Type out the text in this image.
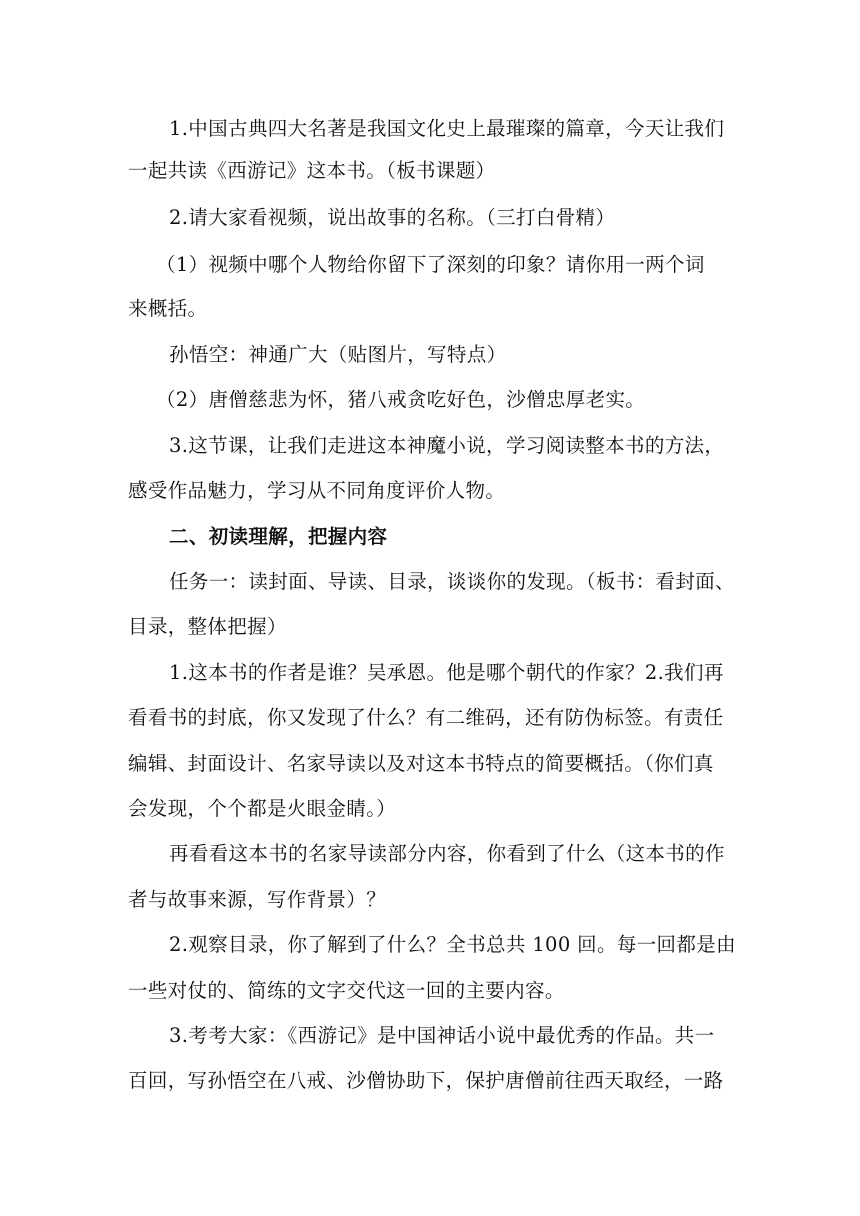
1.中国古典四大名著是我国文化史上最璀璨的篇章，今天让我们
一起共读《西游记》这本书。（板书课题）
2.请大家看视频，说出故事的名称。（三打白骨精）
（1）视频中哪个人物给你留下了深刻的印象？请你用一两个词
来概括。
孙悟空：神通广大（贴图片，写特点）
（2）唐僧慈悲为怀，猪八戒贪吃好色，沙僧忠厚老实。
3.这节课，让我们走进这本神魔小说，学习阅读整本书的方法，
感受作品魅力，学习从不同角度评价人物。
二、初读理解，把握内容
任务一：读封面、导读、目录，谈谈你的发现。（板书：看封面、
目录，整体把握）
1.这本书的作者是谁？吴承恩。他是哪个朝代的作家？2.我们再
看看书的封底，你又发现了什么？有二维码，还有防伪标签。有责任
编辑、封面设计、名家导读以及对这本书特点的简要概括。（你们真
会发现，个个都是火眼金睛。）
再看看这本书的名家导读部分内容，你看到了什么（这本书的作
者与故事来源，写作背景）？
2.观察目录，你了解到了什么？全书总共 100 回。每一回都是由
一些对仗的、简练的文字交代这一回的主要内容。
3.考考大家：《西游记》是中国神话小说中最优秀的作品。共一
百回，写孙悟空在八戒、沙僧协助下，保护唐僧前往西天取经，一路
